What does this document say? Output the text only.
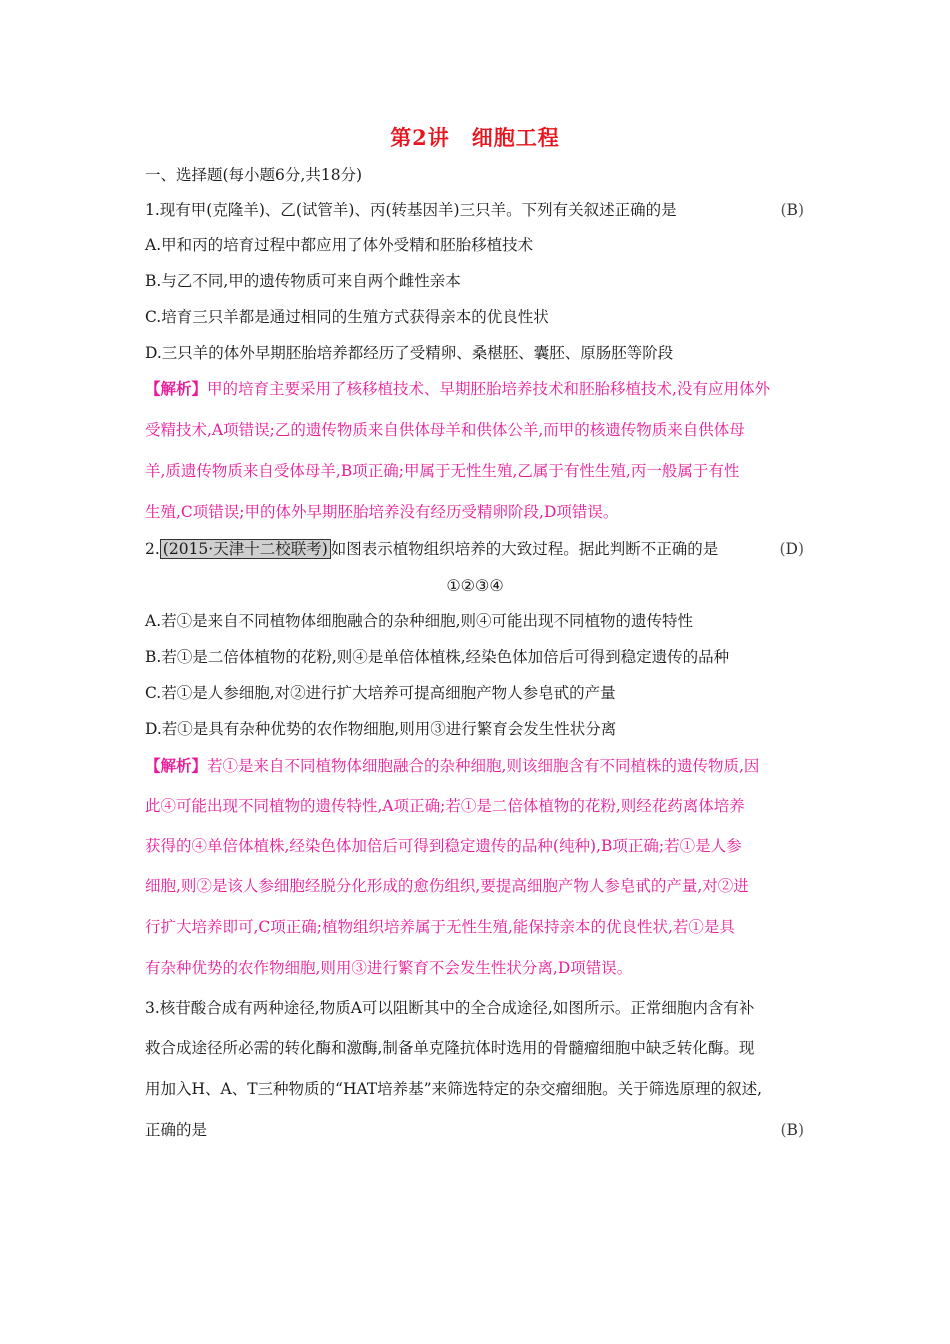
第2讲　细胞工程
一、选择题(每小题6分,共18分)
1.现有甲(克隆羊)、乙(试管羊)、丙(转基因羊)三只羊。下列有关叙述正确的是	(B)
A.甲和丙的培育过程中都应用了体外受精和胚胎移植技术
B.与乙不同,甲的遗传物质可来自两个雌性亲本
C.培育三只羊都是通过相同的生殖方式获得亲本的优良性状
D.三只羊的体外早期胚胎培养都经历了受精卵、桑椹胚、囊胚、原肠胚等阶段
【解析】甲的培育主要采用了核移植技术、早期胚胎培养技术和胚胎移植技术,没有应用体外
受精技术,A项错误;乙的遗传物质来自供体母羊和供体公羊,而甲的核遗传物质来自供体母
羊,质遗传物质来自受体母羊,B项正确;甲属于无性生殖,乙属于有性生殖,丙一般属于有性
生殖,C项错误;甲的体外早期胚胎培养没有经历受精卵阶段,D项错误。
2. (2015·天津十二校联考) 如图表示植物组织培养的大致过程。据此判断不正确的是	(D)
①②③④
A.若①是来自不同植物体细胞融合的杂种细胞,则④可能出现不同植物的遗传特性
B.若①是二倍体植物的花粉,则④是单倍体植株,经染色体加倍后可得到稳定遗传的品种
C.若①是人参细胞,对②进行扩大培养可提高细胞产物人参皂甙的产量
D.若①是具有杂种优势的农作物细胞,则用③进行繁育会发生性状分离
【解析】若①是来自不同植物体细胞融合的杂种细胞,则该细胞含有不同植株的遗传物质,因
此④可能出现不同植物的遗传特性,A项正确;若①是二倍体植物的花粉,则经花药离体培养
获得的④单倍体植株,经染色体加倍后可得到稳定遗传的品种(纯种),B项正确;若①是人参
细胞,则②是该人参细胞经脱分化形成的愈伤组织,要提高细胞产物人参皂甙的产量,对②进
行扩大培养即可,C项正确;植物组织培养属于无性生殖,能保持亲本的优良性状,若①是具
有杂种优势的农作物细胞,则用③进行繁育不会发生性状分离,D项错误。
3.核苷酸合成有两种途径,物质A可以阻断其中的全合成途径,如图所示。正常细胞内含有补
救合成途径所必需的转化酶和激酶,制备单克隆抗体时选用的骨髓瘤细胞中缺乏转化酶。现
用加入H、A、T三种物质的“HAT培养基”来筛选特定的杂交瘤细胞。关于筛选原理的叙述,
正确的是	(B)
